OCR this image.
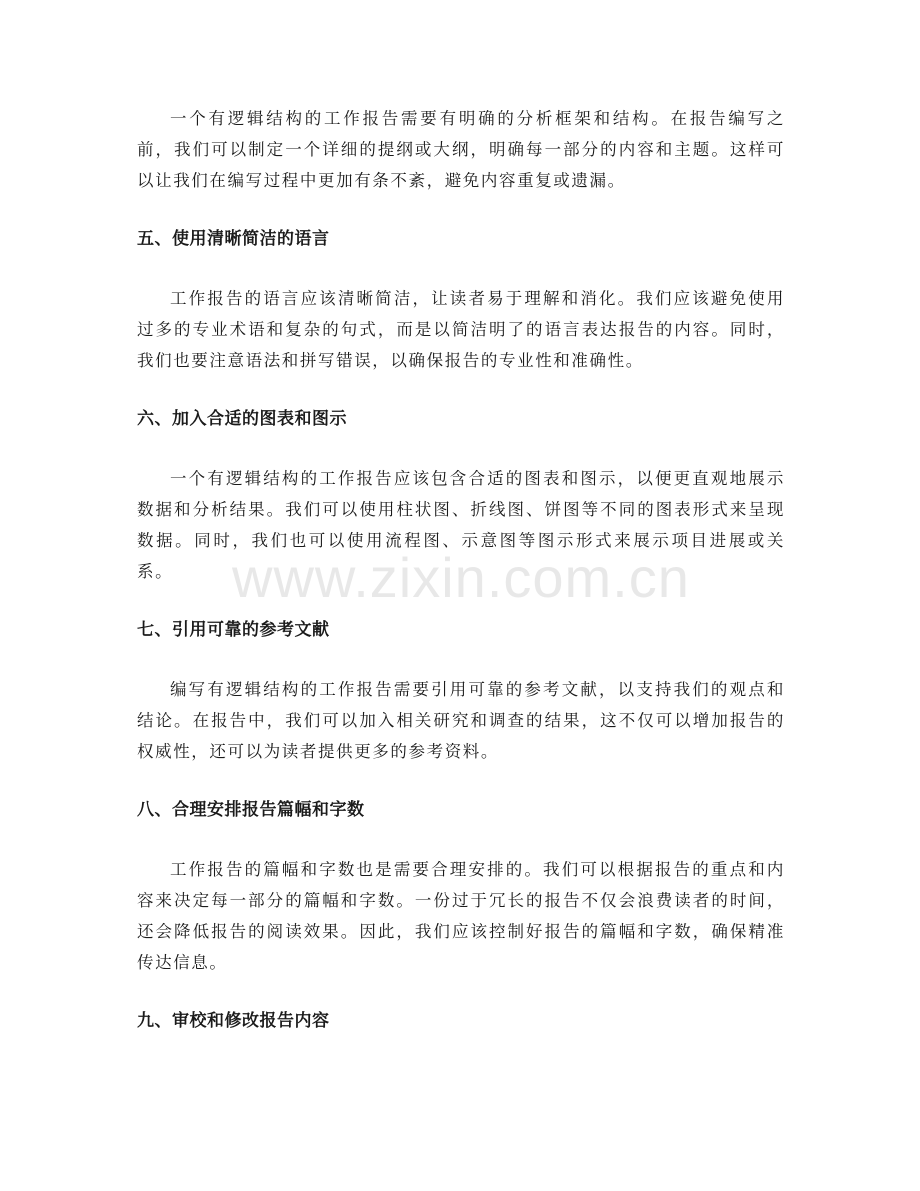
一个有逻辑结构的工作报告需要有明确的分析框架和结构。在报告编写之前，我们可以制定一个详细的提纲或大纲，明确每一部分的内容和主题。这样可以让我们在编写过程中更加有条不紊，避免内容重复或遗漏。

五、使用清晰简洁的语言

工作报告的语言应该清晰简洁，让读者易于理解和消化。我们应该避免使用过多的专业术语和复杂的句式，而是以简洁明了的语言表达报告的内容。同时，我们也要注意语法和拼写错误，以确保报告的专业性和准确性。

六、加入合适的图表和图示

一个有逻辑结构的工作报告应该包含合适的图表和图示，以便更直观地展示数据和分析结果。我们可以使用柱状图、折线图、饼图等不同的图表形式来呈现数据。同时，我们也可以使用流程图、示意图等图示形式来展示项目进展或关系。

七、引用可靠的参考文献

编写有逻辑结构的工作报告需要引用可靠的参考文献，以支持我们的观点和结论。在报告中，我们可以加入相关研究和调查的结果，这不仅可以增加报告的权威性，还可以为读者提供更多的参考资料。

八、合理安排报告篇幅和字数

工作报告的篇幅和字数也是需要合理安排的。我们可以根据报告的重点和内容来决定每一部分的篇幅和字数。一份过于冗长的报告不仅会浪费读者的时间，还会降低报告的阅读效果。因此，我们应该控制好报告的篇幅和字数，确保精准传达信息。

九、审校和修改报告内容
www.zixin.com.cn
